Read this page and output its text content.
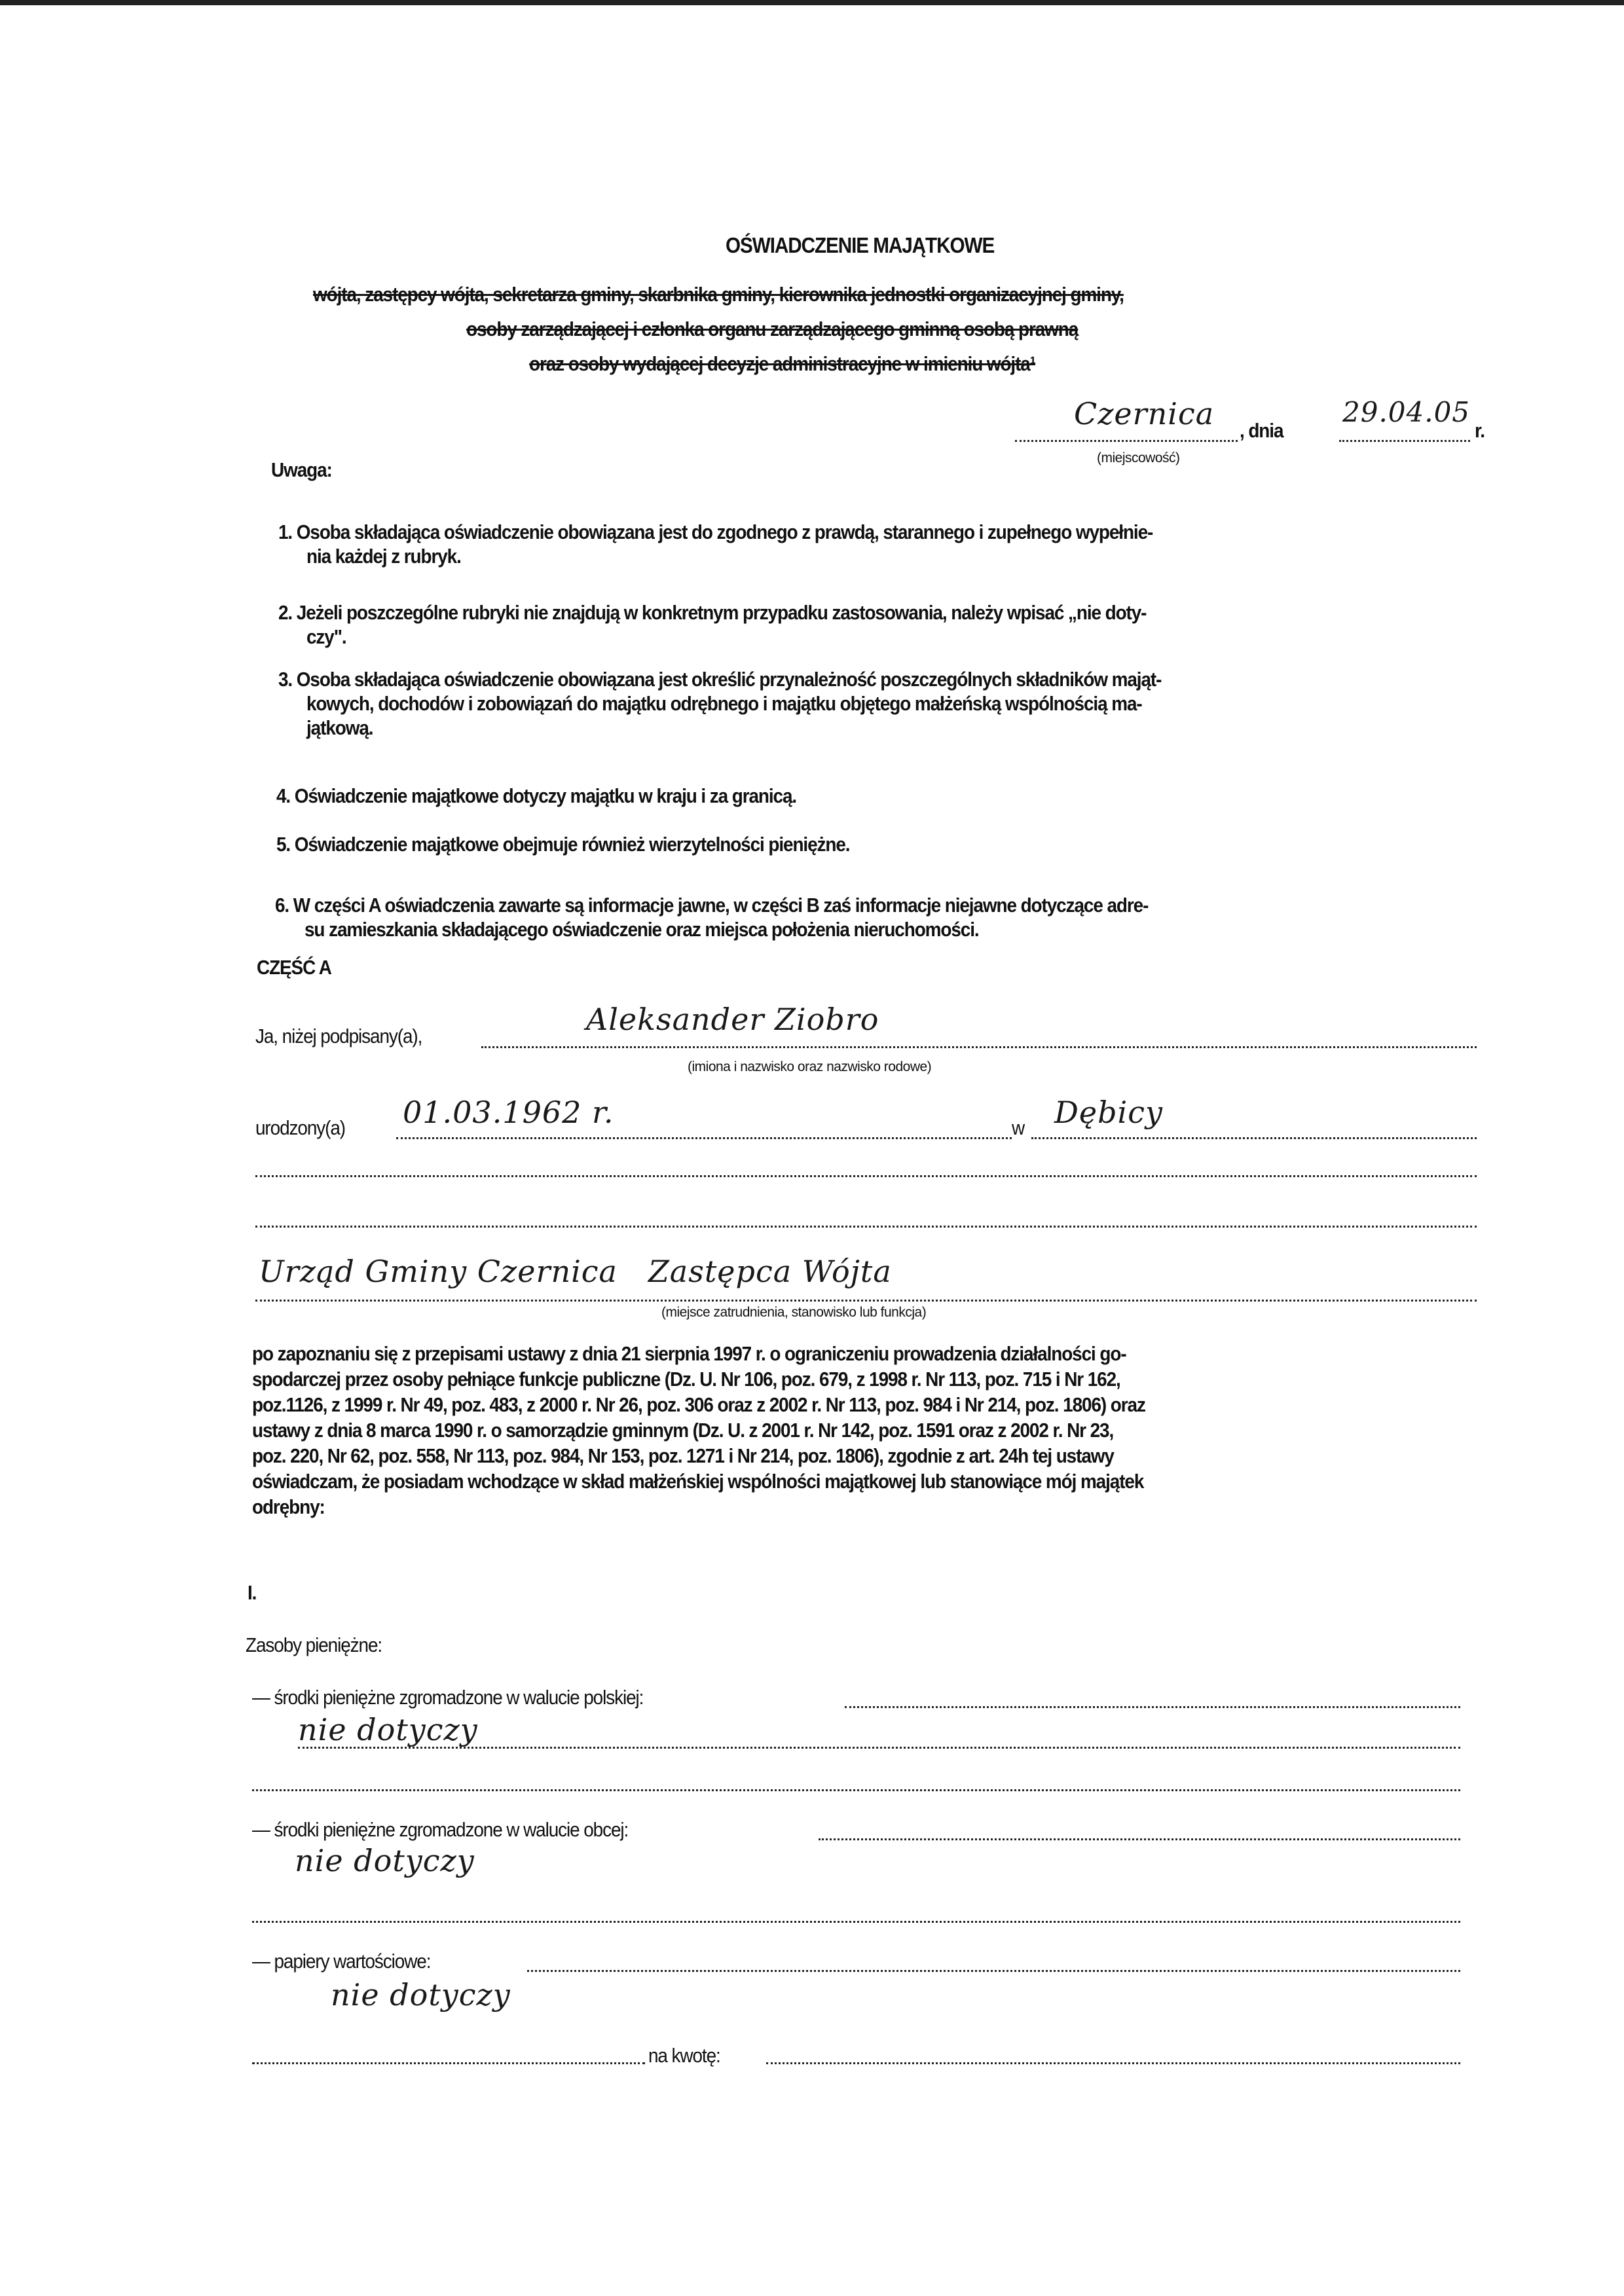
OŚWIADCZENIE MAJĄTKOWE
wójta, zastępcy wójta, sekretarza gminy, skarbnika gminy, kierownika jednostki organizacyjnej gminy,
osoby zarządzającej i członka organu zarządzającego gminną osobą prawną
oraz osoby wydającej decyzje administracyjne w imieniu wójta¹
Czernica , dnia
29.04.05
r.
(miejscowość)
Uwaga:
1. Osoba składająca oświadczenie obowiązana jest do zgodnego z prawdą, starannego i zupełnego wypełnie-
nia każdej z rubryk.
2. Jeżeli poszczególne rubryki nie znajdują w konkretnym przypadku zastosowania, należy wpisać „nie doty-
czy".
3. Osoba składająca oświadczenie obowiązana jest określić przynależność poszczególnych składników mająt-
kowych, dochodów i zobowiązań do majątku odrębnego i majątku objętego małżeńską wspólnością ma-
jątkową.
4. Oświadczenie majątkowe dotyczy majątku w kraju i za granicą.
5. Oświadczenie majątkowe obejmuje również wierzytelności pieniężne.
6. W części A oświadczenia zawarte są informacje jawne, w części B zaś informacje niejawne dotyczące adre-
su zamieszkania składającego oświadczenie oraz miejsca położenia nieruchomości.
CZĘŚĆ A
Ja, niżej podpisany(a),	Aleksander Ziobro
(imiona i nazwisko oraz nazwisko rodowe)
urodzony(a) 01.03.1962 r.	w Dębicy
Urząd Gminy Czernica   Zastępca Wójta
(miejsce zatrudnienia, stanowisko lub funkcja)
po zapoznaniu się z przepisami ustawy z dnia 21 sierpnia 1997 r. o ograniczeniu prowadzenia działalności go-
spodarczej przez osoby pełniące funkcje publiczne (Dz. U. Nr 106, poz. 679, z 1998 r. Nr 113, poz. 715 i Nr 162,
poz.1126, z 1999 r. Nr 49, poz. 483, z 2000 r. Nr 26, poz. 306 oraz z 2002 r. Nr 113, poz. 984 i Nr 214, poz. 1806) oraz
ustawy z dnia 8 marca 1990 r. o samorządzie gminnym (Dz. U. z 2001 r. Nr 142, poz. 1591 oraz z 2002 r. Nr 23,
poz. 220, Nr 62, poz. 558, Nr 113, poz. 984, Nr 153, poz. 1271 i Nr 214, poz. 1806), zgodnie z art. 24h tej ustawy
oświadczam, że posiadam wchodzące w skład małżeńskiej wspólności majątkowej lub stanowiące mój majątek
odrębny:
I.
Zasoby pieniężne:
— środki pieniężne zgromadzone w walucie polskiej:
nie dotyczy
— środki pieniężne zgromadzone w walucie obcej:
nie dotyczy
— papiery wartościowe:
nie dotyczy
na kwotę:
